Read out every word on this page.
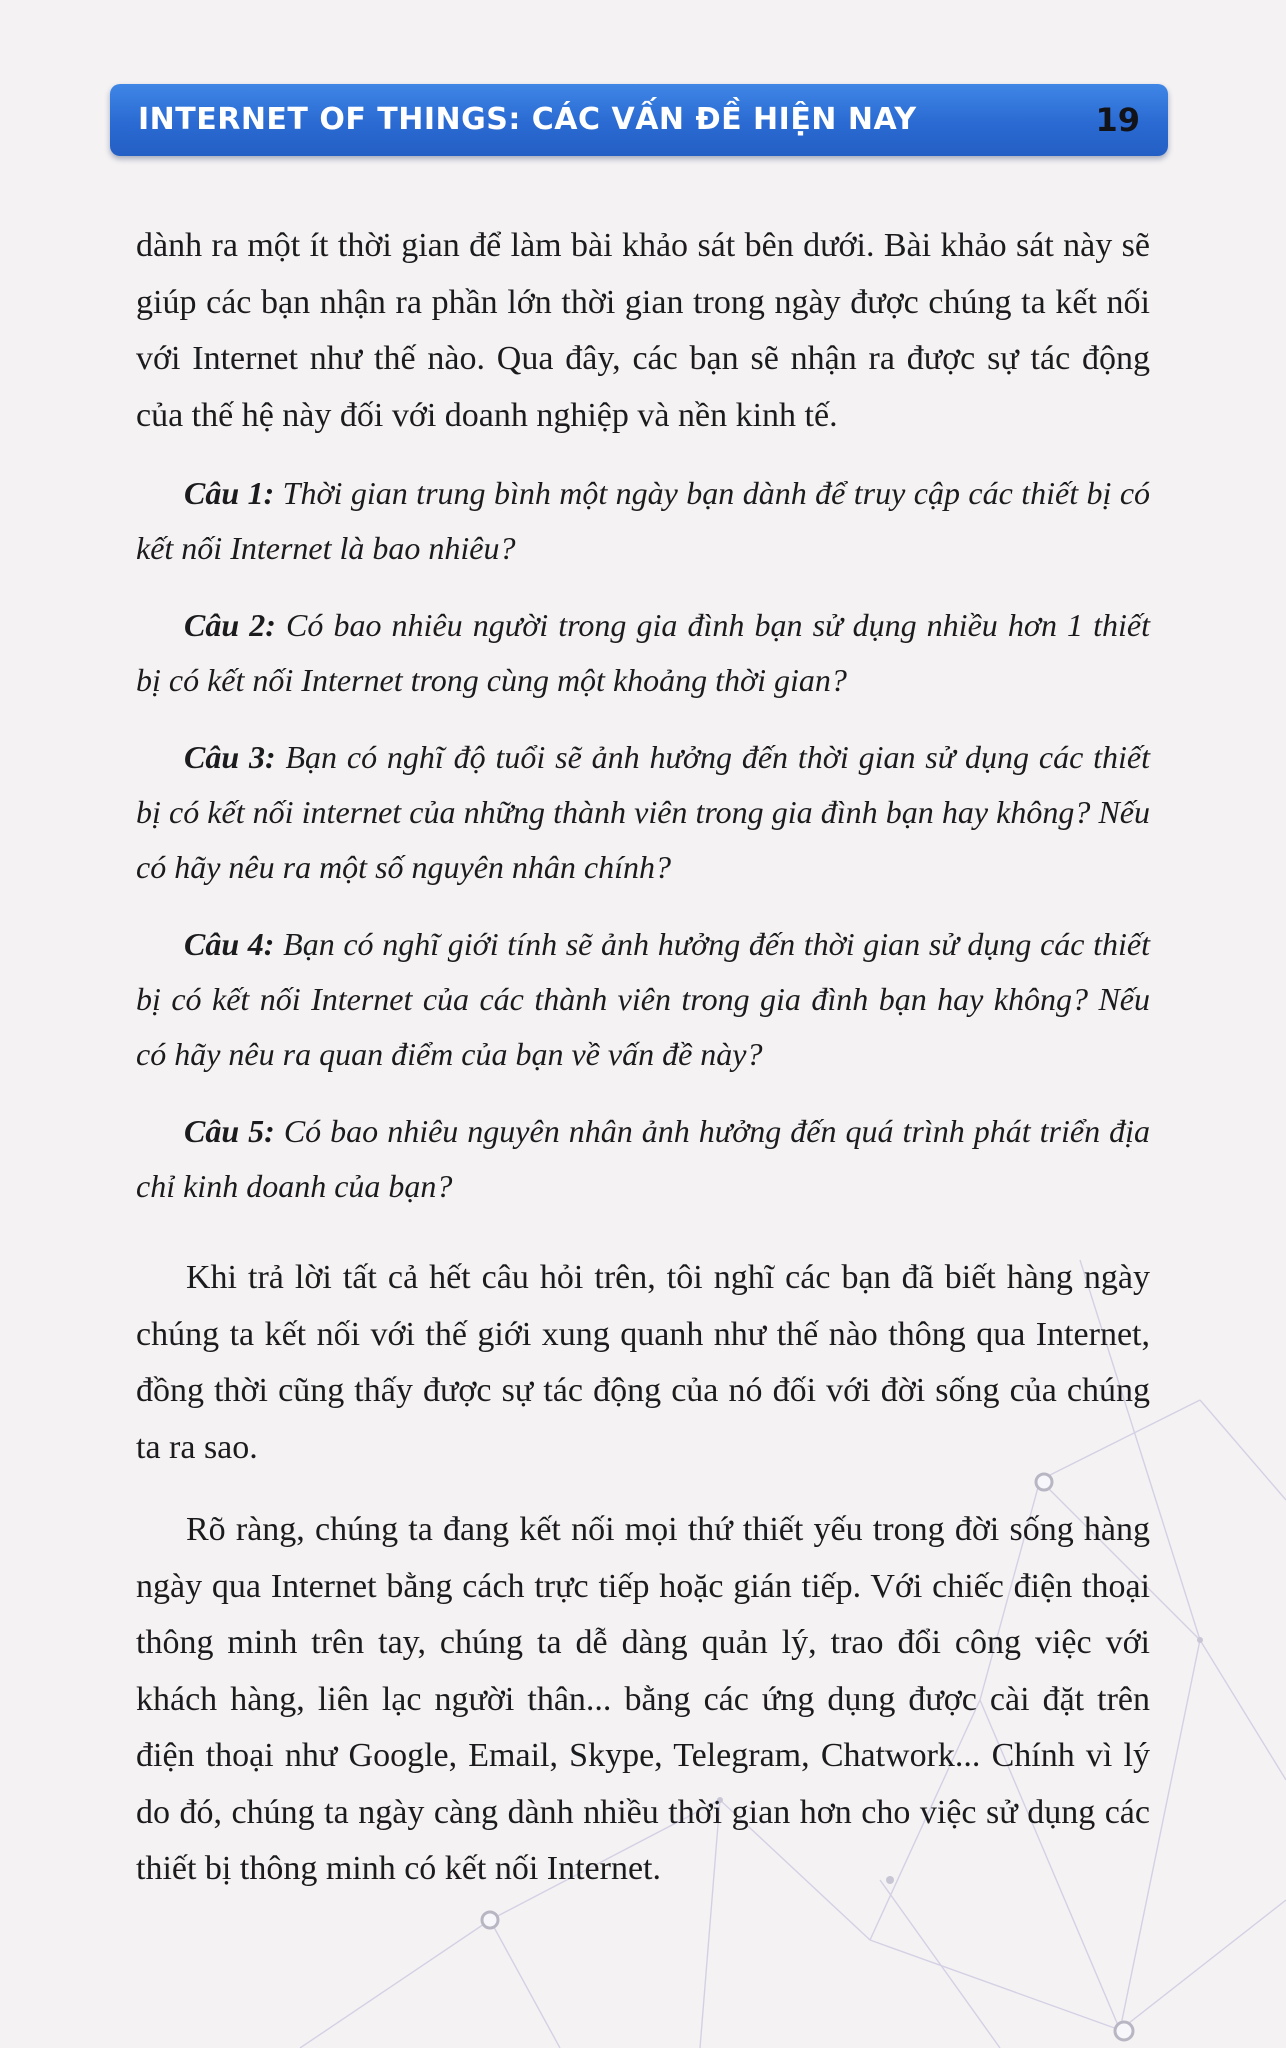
INTERNET OF THINGS: CÁC VẤN ĐỀ HIỆN NAY	19

dành ra một ít thời gian để làm bài khảo sát bên dưới. Bài khảo sát này sẽ giúp các bạn nhận ra phần lớn thời gian trong ngày được chúng ta kết nối với Internet như thế nào. Qua đây, các bạn sẽ nhận ra được sự tác động của thế hệ này đối với doanh nghiệp và nền kinh tế.

Câu 1: Thời gian trung bình một ngày bạn dành để truy cập các thiết bị có kết nối Internet là bao nhiêu?

Câu 2: Có bao nhiêu người trong gia đình bạn sử dụng nhiều hơn 1 thiết bị có kết nối Internet trong cùng một khoảng thời gian?

Câu 3: Bạn có nghĩ độ tuổi sẽ ảnh hưởng đến thời gian sử dụng các thiết bị có kết nối internet của những thành viên trong gia đình bạn hay không? Nếu có hãy nêu ra một số nguyên nhân chính?

Câu 4: Bạn có nghĩ giới tính sẽ ảnh hưởng đến thời gian sử dụng các thiết bị có kết nối Internet của các thành viên trong gia đình bạn hay không? Nếu có hãy nêu ra quan điểm của bạn về vấn đề này?

Câu 5: Có bao nhiêu nguyên nhân ảnh hưởng đến quá trình phát triển địa chỉ kinh doanh của bạn?

Khi trả lời tất cả hết câu hỏi trên, tôi nghĩ các bạn đã biết hàng ngày chúng ta kết nối với thế giới xung quanh như thế nào thông qua Internet, đồng thời cũng thấy được sự tác động của nó đối với đời sống của chúng ta ra sao.

Rõ ràng, chúng ta đang kết nối mọi thứ thiết yếu trong đời sống hàng ngày qua Internet bằng cách trực tiếp hoặc gián tiếp. Với chiếc điện thoại thông minh trên tay, chúng ta dễ dàng quản lý, trao đổi công việc với khách hàng, liên lạc người thân... bằng các ứng dụng được cài đặt trên điện thoại như Google, Email, Skype, Telegram, Chatwork... Chính vì lý do đó, chúng ta ngày càng dành nhiều thời gian hơn cho việc sử dụng các thiết bị thông minh có kết nối Internet.
